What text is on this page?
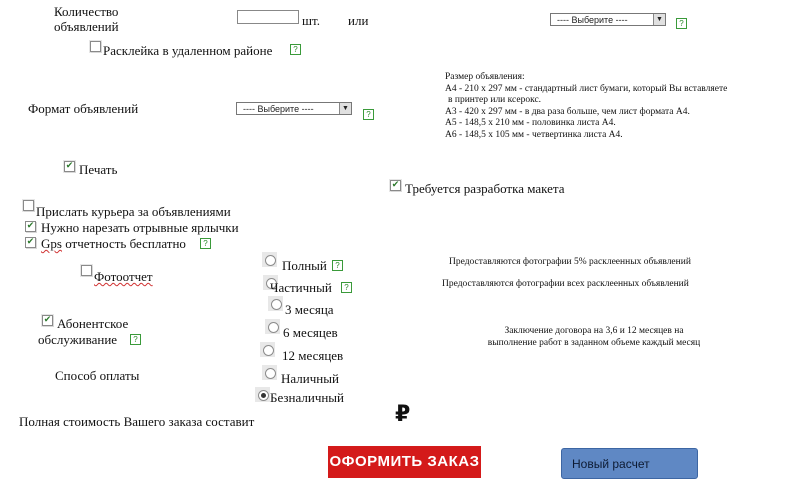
Количество
объявлений	шт. или	---- Выберите ----	▼	?
Расклейка в удаленном районе	?
Размер объявления:
А4 - 210 х 297 мм - стандартный лист бумаги, который Вы вставляете
в принтер или ксерокс.
А3 - 420 х 297 мм - в два раза больше, чем лист формата А4.
А5 - 148,5 х 210 мм - половинка листа А4.
А6 - 148,5 х 105 мм - четвертинка листа А4.
Формат объявлений	---- Выберите ----	▼
?
✔ Печать
✔ Требуется разработка макета
Прислать курьера за объявлениями
✔ Нужно нарезать отрывные ярлычки
✔ Gps отчетность бесплатно	?
Фотоотчет
Полный	?	Предоставляются фотографии 5% расклеенных объявлений
Частичный	?	Предоставляются фотографии всех расклеенных объявлений
3 месяца
6 месяцев
12 месяцев
✔ Абонентское
обслуживание	?
Заключение договора на 3,6 и 12 месяцев на
выполнение работ в заданном объеме каждый месяц
Способ оплаты	Наличный
Безналичный
Полная стоимость Вашего заказа составит	₽
ОФОРМИТЬ ЗАКАЗ	Новый расчет
